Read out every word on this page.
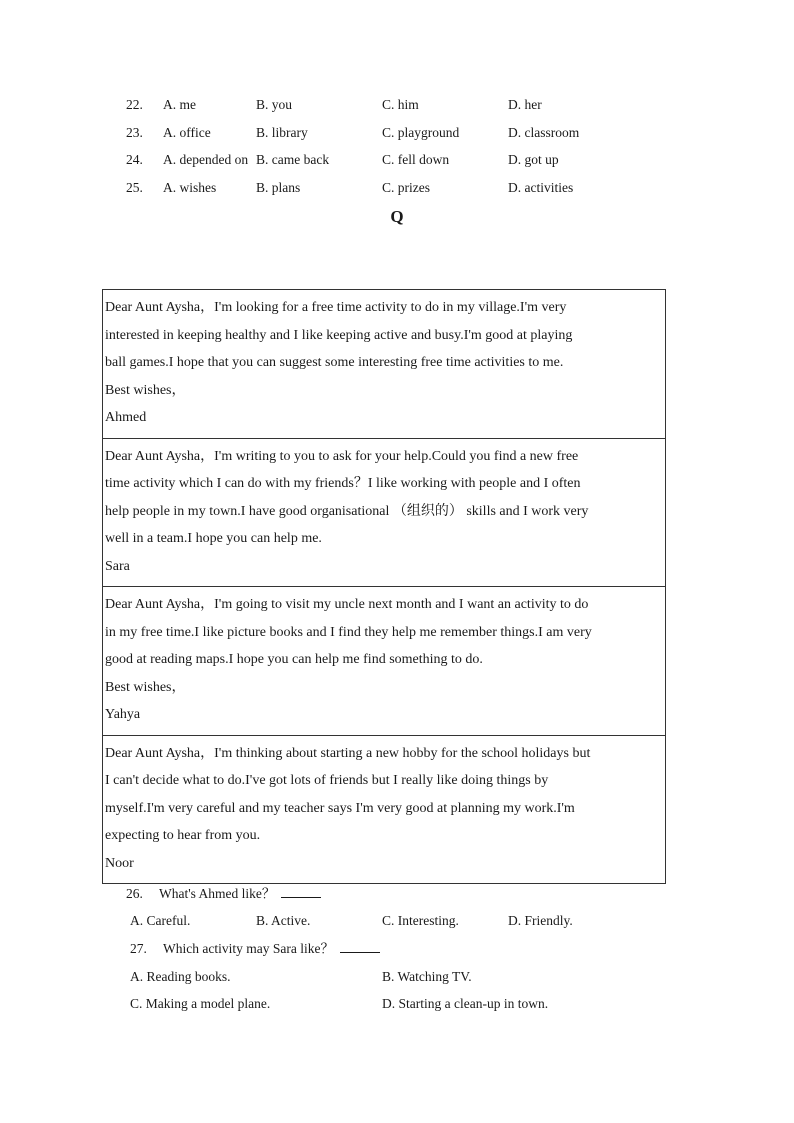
22. A. me	B. you	C. him	D. her
23. A. office	B. library	C. playground	D. classroom
24. A. depended on B. came back	C. fell down	D. got up
25. A. wishes	B. plans	C. prizes	D. activities
Q
Dear Aunt Aysha，I'm looking for a free time activity to do in my village.I'm very
interested in keeping healthy and I like keeping active and busy.I'm good at playing
ball games.I hope that you can suggest some interesting free time activities to me.
Best wishes，
Ahmed

Dear Aunt Aysha，I'm writing to you to ask for your help.Could you find a new free
time activity which I can do with my friends？I like working with people and I often
help people in my town.I have good organisational （组织的） skills and I work very
well in a team.I hope you can help me.
Sara

Dear Aunt Aysha，I'm going to visit my uncle next month and I want an activity to do
in my free time.I like picture books and I find they help me remember things.I am very
good at reading maps.I hope you can help me find something to do.
Best wishes，
Yahya

Dear Aunt Aysha，I'm thinking about starting a new hobby for the school holidays but
I can't decide what to do.I've got lots of friends but I really like doing things by
myself.I'm very careful and my teacher says I'm very good at planning my work.I'm
expecting to hear from you.
Noor
26. What's Ahmed like？
A. Careful.	B. Active.	C. Interesting.	D. Friendly.
27. Which activity may Sara like？
A. Reading books.	B. Watching TV.
C. Making a model plane.	D. Starting a clean-up in town.
